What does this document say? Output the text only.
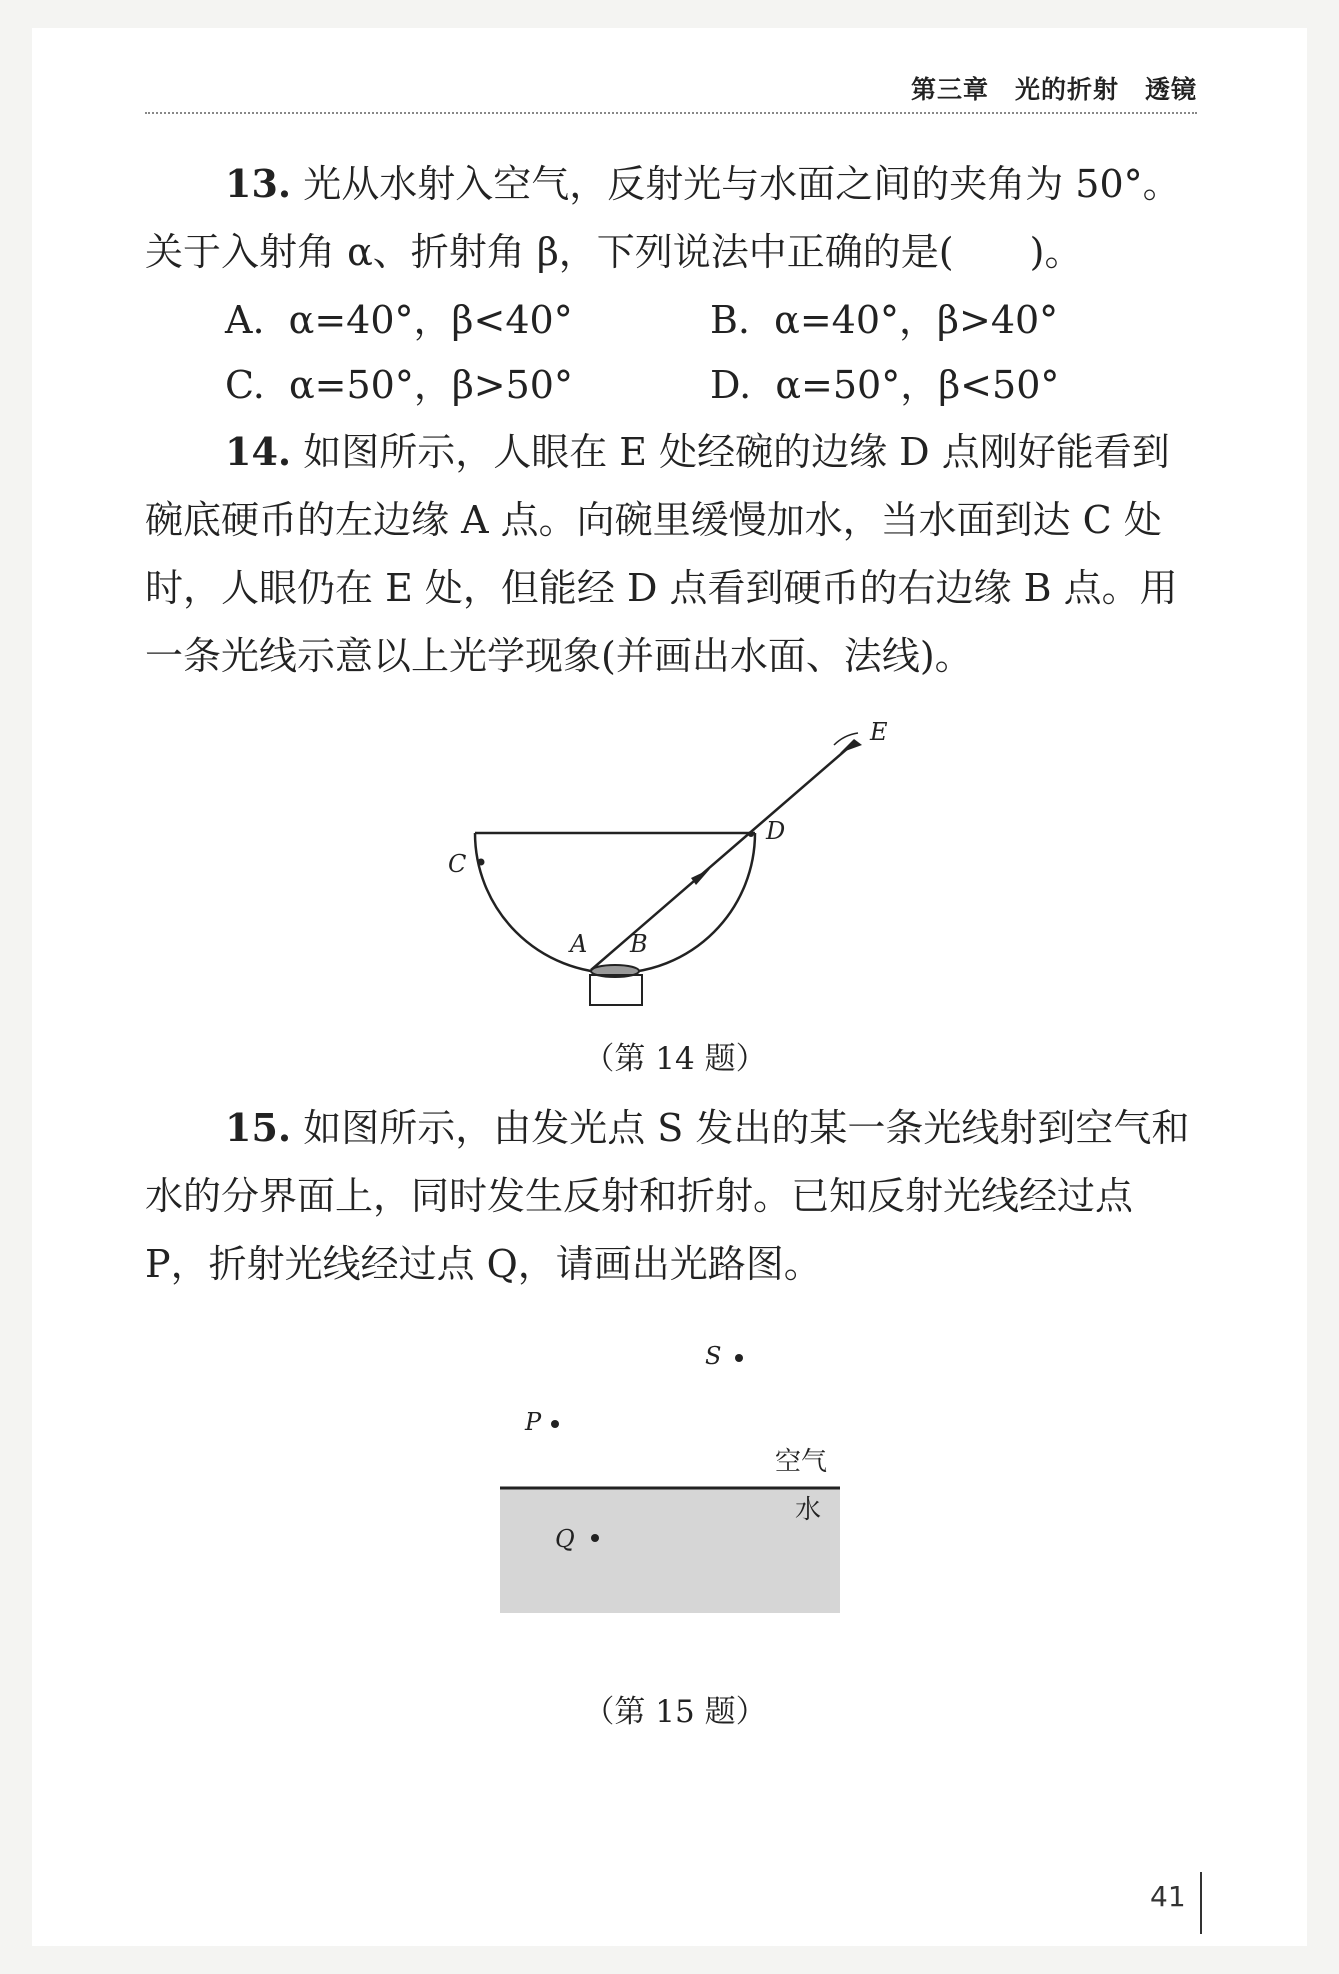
第三章　光的折射　透镜
13. 光从水射入空气，反射光与水面之间的夹角为 50°。
关于入射角 α、折射角 β，下列说法中正确的是(　　)。
A.  α=40°，β<40°	B.  α=40°，β>40°
C.  α=50°，β>50°	D.  α=50°，β<50°
14. 如图所示，人眼在 E 处经碗的边缘 D 点刚好能看到碗底硬币的左边缘 A 点。向碗里缓慢加水，当水面到达 C 处时，人眼仍在 E 处，但能经 D 点看到硬币的右边缘 B 点。用一条光线示意以上光学现象(并画出水面、法线)。
E
D
C
A B
（第 14 题）
15. 如图所示，由发光点 S 发出的某一条光线射到空气和水的分界面上，同时发生反射和折射。已知反射光线经过点 P，折射光线经过点 Q，请画出光路图。
S
P
空气
水
Q
（第 15 题）
41
